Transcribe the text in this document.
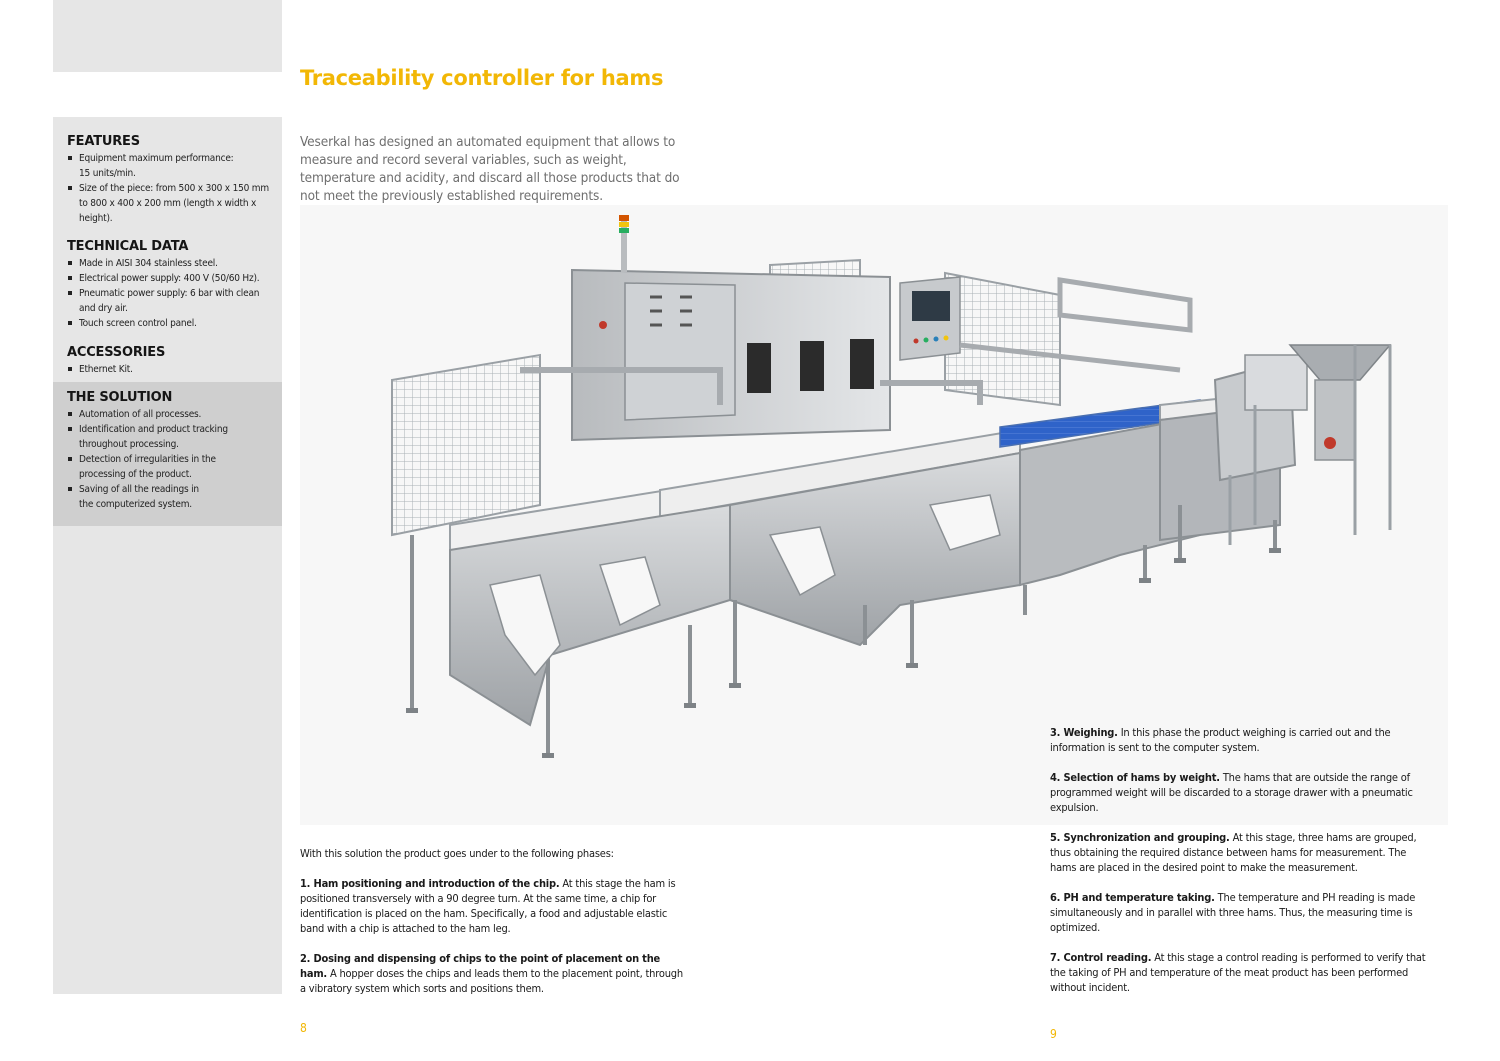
FEATURES
Equipment maximum performance: 15 units/min.
Size of the piece: from 500 x 300 x 150 mm to 800 x 400 x 200 mm (length x width x height).
TECHNICAL DATA
Made in AISI 304 stainless steel.
Electrical power supply: 400 V (50/60 Hz).
Pneumatic power supply: 6 bar with clean and dry air.
Touch screen control panel.
ACCESSORIES
Ethernet Kit.
THE SOLUTION
Automation of all processes.
Identification and product tracking throughout processing.
Detection of irregularities in the processing of the product.
Saving of all the readings in the computerized system.
Traceability controller for hams

Veserkal has designed an automated equipment that allows to measure and record several variables, such as weight, temperature and acidity, and discard all those products that do not meet the previously established requirements.

With this solution the product goes under to the following phases:

1. Ham positioning and introduction of the chip. At this stage the ham is positioned transversely with a 90 degree turn. At the same time, a chip for identification is placed on the ham. Specifically, a food and adjustable elastic band with a chip is attached to the ham leg.

2. Dosing and dispensing of chips to the point of placement on the ham. A hopper doses the chips and leads them to the placement point, through a vibratory system which sorts and positions them.

3. Weighing. In this phase the product weighing is carried out and the information is sent to the computer system.

4. Selection of hams by weight. The hams that are outside the range of programmed weight will be discarded to a storage drawer with a pneumatic expulsion.

5. Synchronization and grouping. At this stage, three hams are grouped, thus obtaining the required distance between hams for measurement. The hams are placed in the desired point to make the measurement.

6. PH and temperature taking. The temperature and PH reading is made simultaneously and in parallel with three hams. Thus, the measuring time is optimized.

7. Control reading. At this stage a control reading is performed to verify that the taking of PH and temperature of the meat product has been performed without incident.

8	9
